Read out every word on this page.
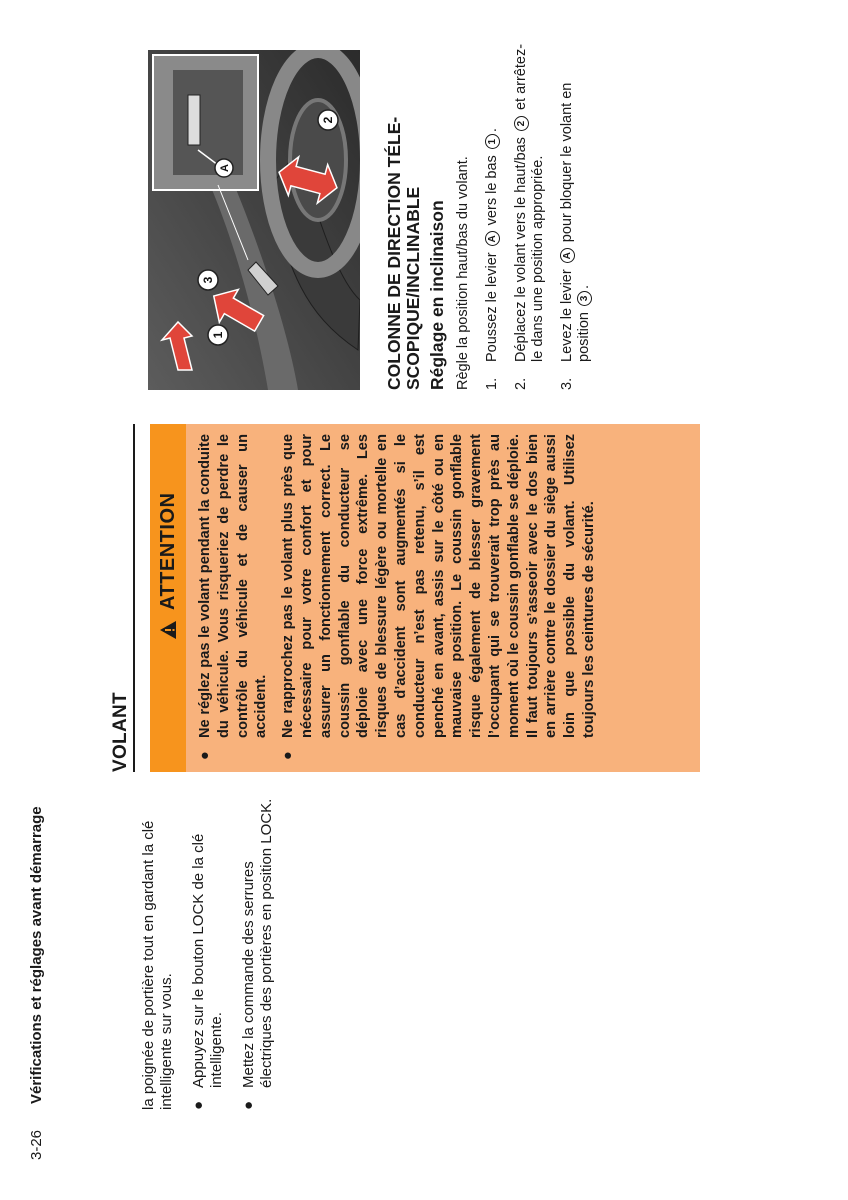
3-26
Vérifications et réglages avant démarrage	la poignée de portière tout en gardant la clé intelligente sur vous. ●
Appuyez sur le bouton LOCK de la clé intelligente.
●
Mettez la commande des serrures électriques des portières en position LOCK.
VOLANT
ATTENTION
●
Ne réglez pas le volant pendant la conduite du véhicule. Vous risqueriez de perdre le contrôle du véhicule et de causer un accident.
●
Ne rapprochez pas le volant plus près que nécessaire pour votre confort et pour assurer un fonctionnement correct. Le coussin gonflable du conducteur se déploie avec une force extrême. Les risques de blessure légère ou mortelle en cas d’accident sont augmentés si le conducteur n’est pas retenu, s’il est penché en avant, assis sur le côté ou en mauvaise position. Le coussin gonflable risque également de blesser gravement l’occupant qui se trouverait trop près au moment où le coussin gonflable se déploie. Il faut toujours s’asseoir avec le dos bien en arrière contre le dossier du siège aussi loin que possible du volant. Utilisez toujours les ceintures de sécurité.
A
1
3
2	COLONNE DE DIRECTION TÉLE- SCOPIQUE/INCLINABLE Réglage en inclinaison Règle la position haut/bas du volant. 1.
Poussez le levier A vers le bas 1.
2.
Déplacez le volant vers le haut/bas 2 et arrêtez-le dans une position appropriée.
3.
Levez le levier A pour bloquer le volant en position 3.
